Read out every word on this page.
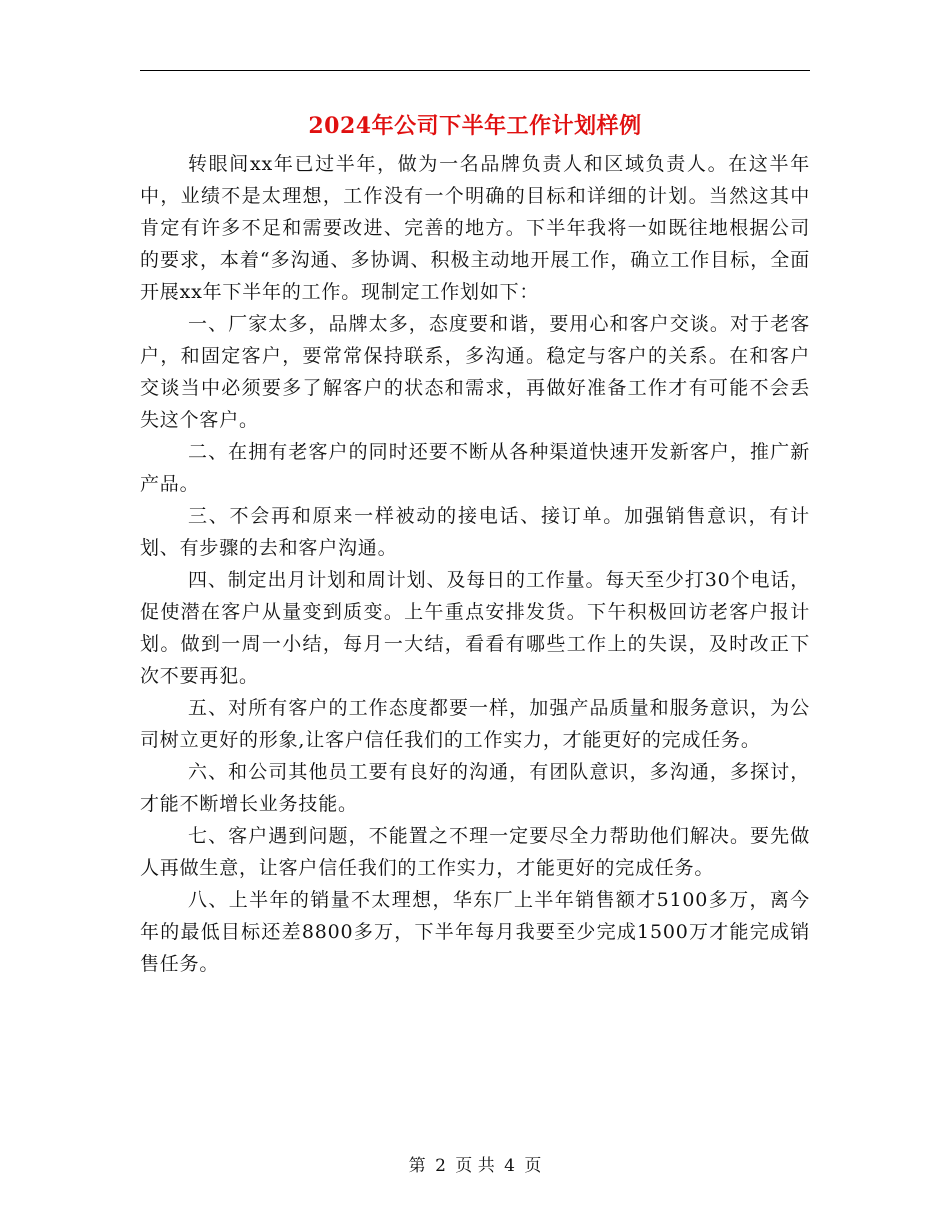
2024年公司下半年工作计划样例

转眼间xx年已过半年，做为一名品牌负责人和区域负责人。在这半年中，业绩不是太理想，工作没有一个明确的目标和详细的计划。当然这其中肯定有许多不足和需要改进、完善的地方。下半年我将一如既往地根据公司的要求，本着“多沟通、多协调、积极主动地开展工作，确立工作目标，全面开展xx年下半年的工作。现制定工作划如下：

一、厂家太多，品牌太多，态度要和谐，要用心和客户交谈。对于老客户，和固定客户，要常常保持联系，多沟通。稳定与客户的关系。在和客户交谈当中必须要多了解客户的状态和需求，再做好准备工作才有可能不会丢失这个客户。

二、在拥有老客户的同时还要不断从各种渠道快速开发新客户，推广新产品。

三、不会再和原来一样被动的接电话、接订单。加强销售意识，有计划、有步骤的去和客户沟通。

四、制定出月计划和周计划、及每日的工作量。每天至少打30个电话，促使潜在客户从量变到质变。上午重点安排发货。下午积极回访老客户报计划。做到一周一小结，每月一大结，看看有哪些工作上的失误，及时改正下次不要再犯。

五、对所有客户的工作态度都要一样，加强产品质量和服务意识，为公司树立更好的形象,让客户信任我们的工作实力，才能更好的完成任务。

六、和公司其他员工要有良好的沟通，有团队意识，多沟通，多探讨，才能不断增长业务技能。

七、客户遇到问题，不能置之不理一定要尽全力帮助他们解决。要先做人再做生意，让客户信任我们的工作实力，才能更好的完成任务。

八、上半年的销量不太理想，华东厂上半年销售额才5100多万，离今年的最低目标还差8800多万，下半年每月我要至少完成1500万才能完成销售任务。

第 2 页 共 4 页
